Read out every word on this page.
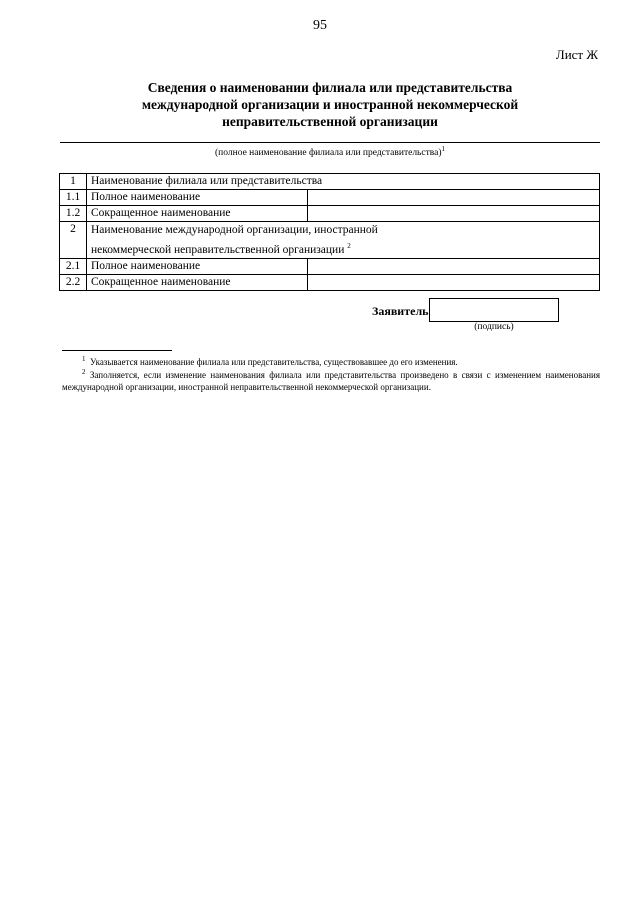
95
Лист Ж
Сведения о наименовании филиала или представительства
международной организации и иностранной некоммерческой
неправительственной организации
(полное наименование филиала или представительства)$^1$
1	Наименование филиала или представительства	
1.1	Полное наименование	
1.2	Сокращенное наименование	
2	Наименование международной организации, иностранной
некоммерческой неправительственной организации $^2$

2.1	Полное наименование	
2.2	Сокращенное наименование	
Заявитель
(подпись)
$^1$ Указывается наименование филиала или представительства, существовавшее до его изменения.
$^2$ Заполняется, если изменение наименования филиала или представительства произведено в связи с изменением наименования международной организации, иностранной неправительственной некоммерческой организации.
